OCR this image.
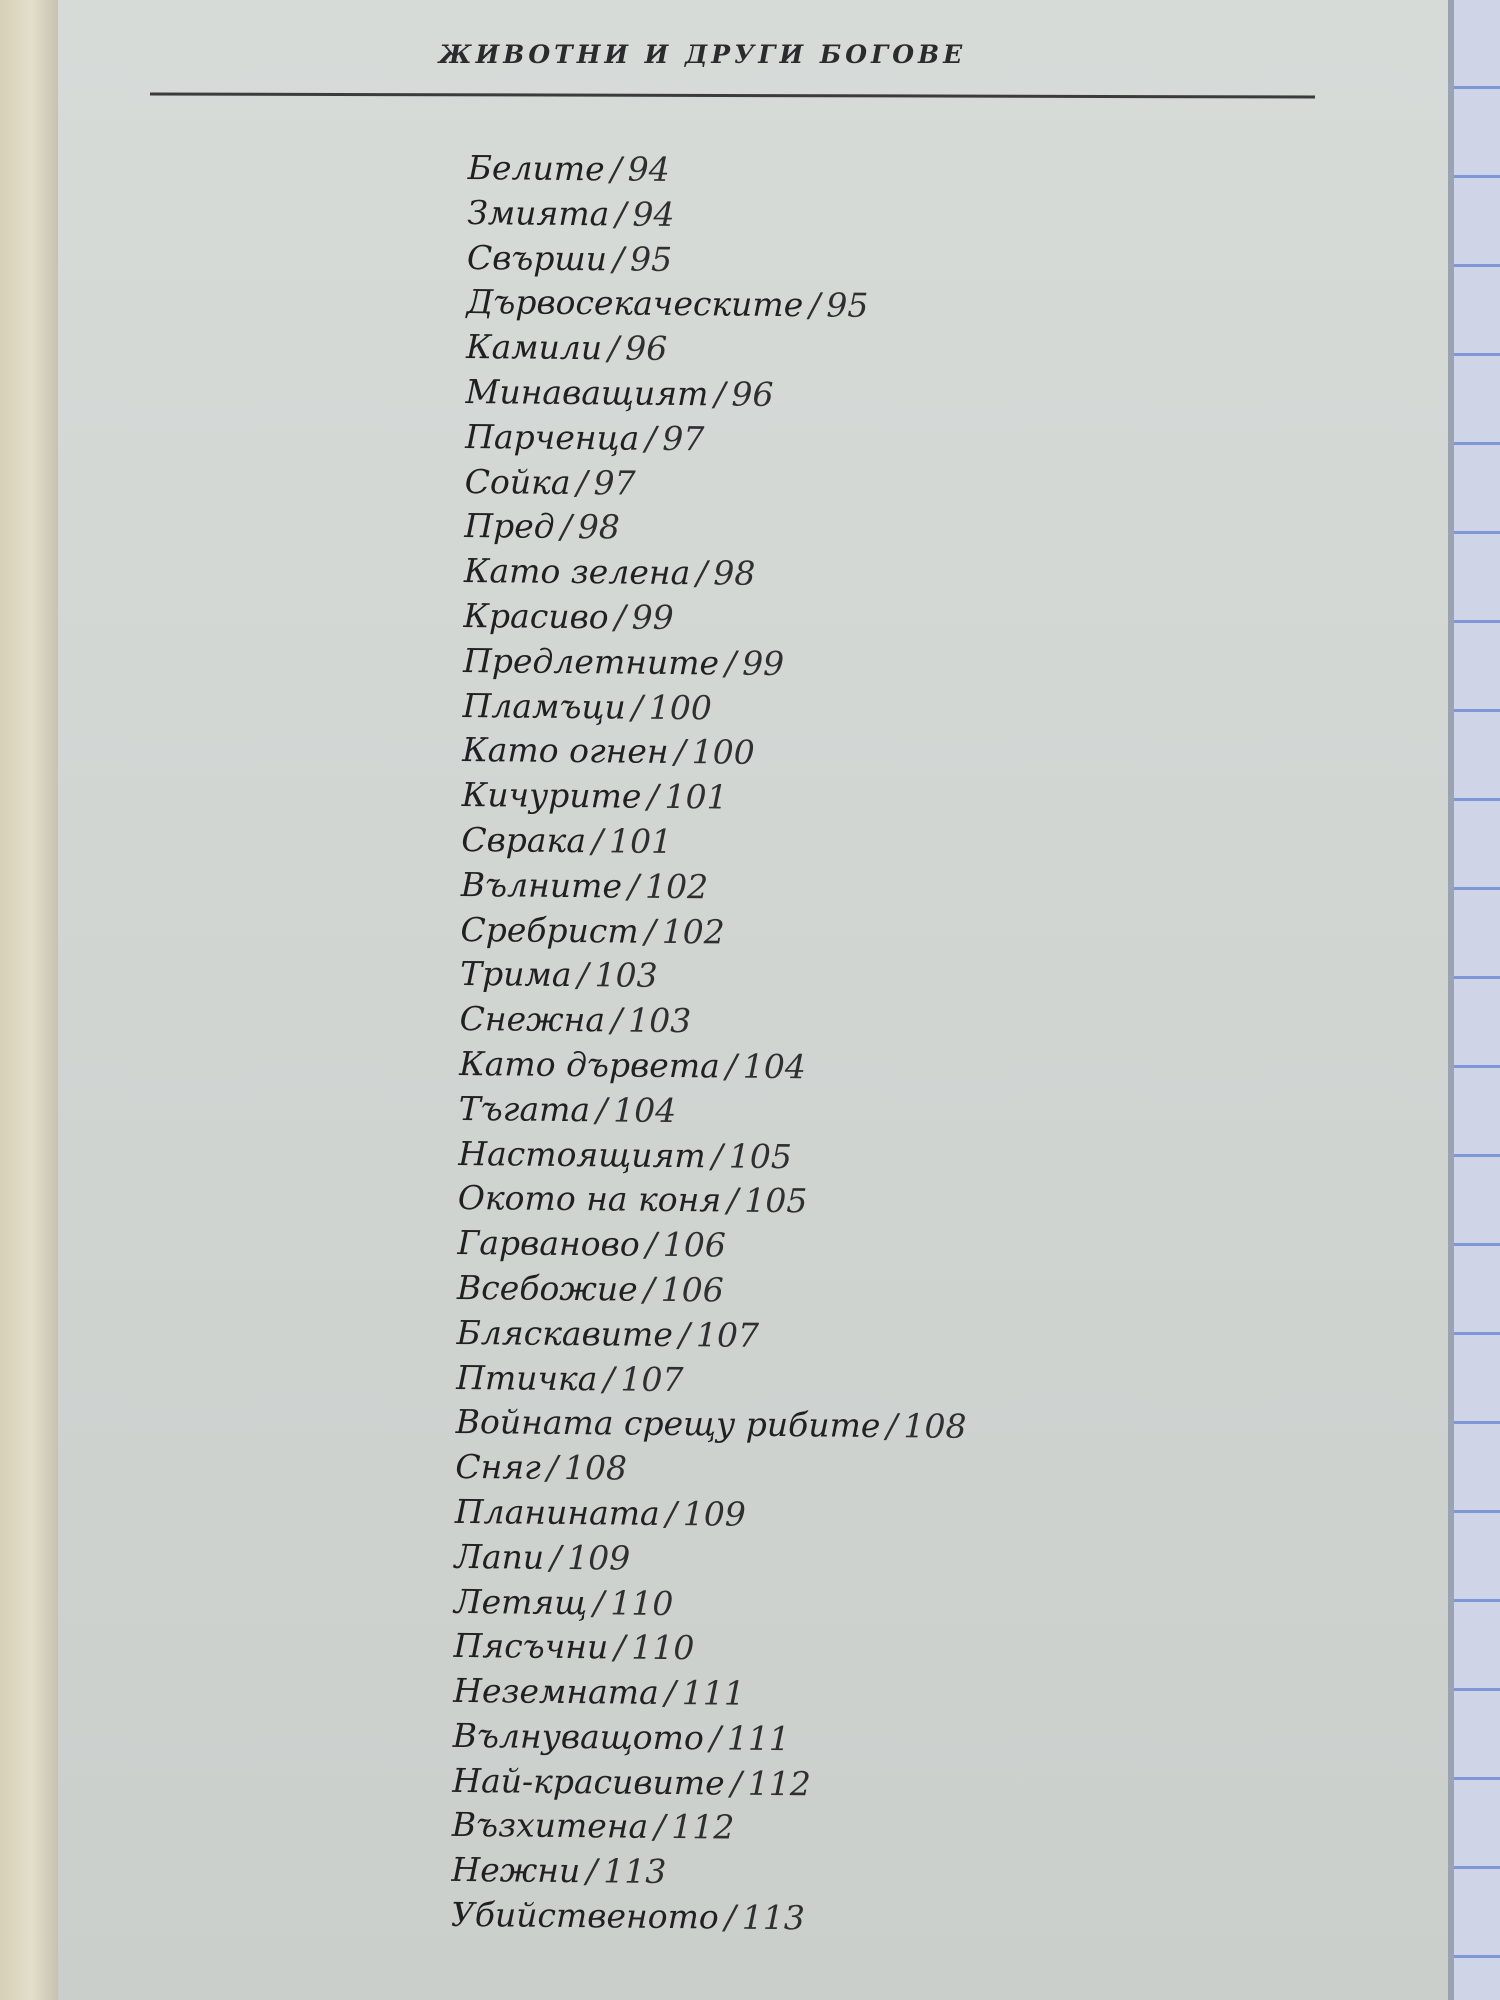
ЖИВОТНИ И ДРУГИ БОГОВЕ
Белите / 94
Змията / 94
Свърши / 95
Дървосекаческите / 95
Камили / 96
Минаващият / 96
Парченца / 97
Сойка / 97
Пред / 98
Като зелена / 98
Красиво / 99
Предлетните / 99
Пламъци / 100
Като огнен / 100
Кичурите / 101
Сврака / 101
Вълните / 102
Сребрист / 102
Трима / 103
Снежна / 103
Като дървета / 104
Тъгата / 104
Настоящият / 105
Окото на коня / 105
Гарваново / 106
Всебожие / 106
Бляскавите / 107
Птичка / 107
Войната срещу рибите / 108
Сняг / 108
Планината / 109
Лапи / 109
Летящ / 110
Пясъчни / 110
Неземната / 111
Вълнуващото / 111
Най-красивите / 112
Възхитена / 112
Нежни / 113
Убийственото / 113
